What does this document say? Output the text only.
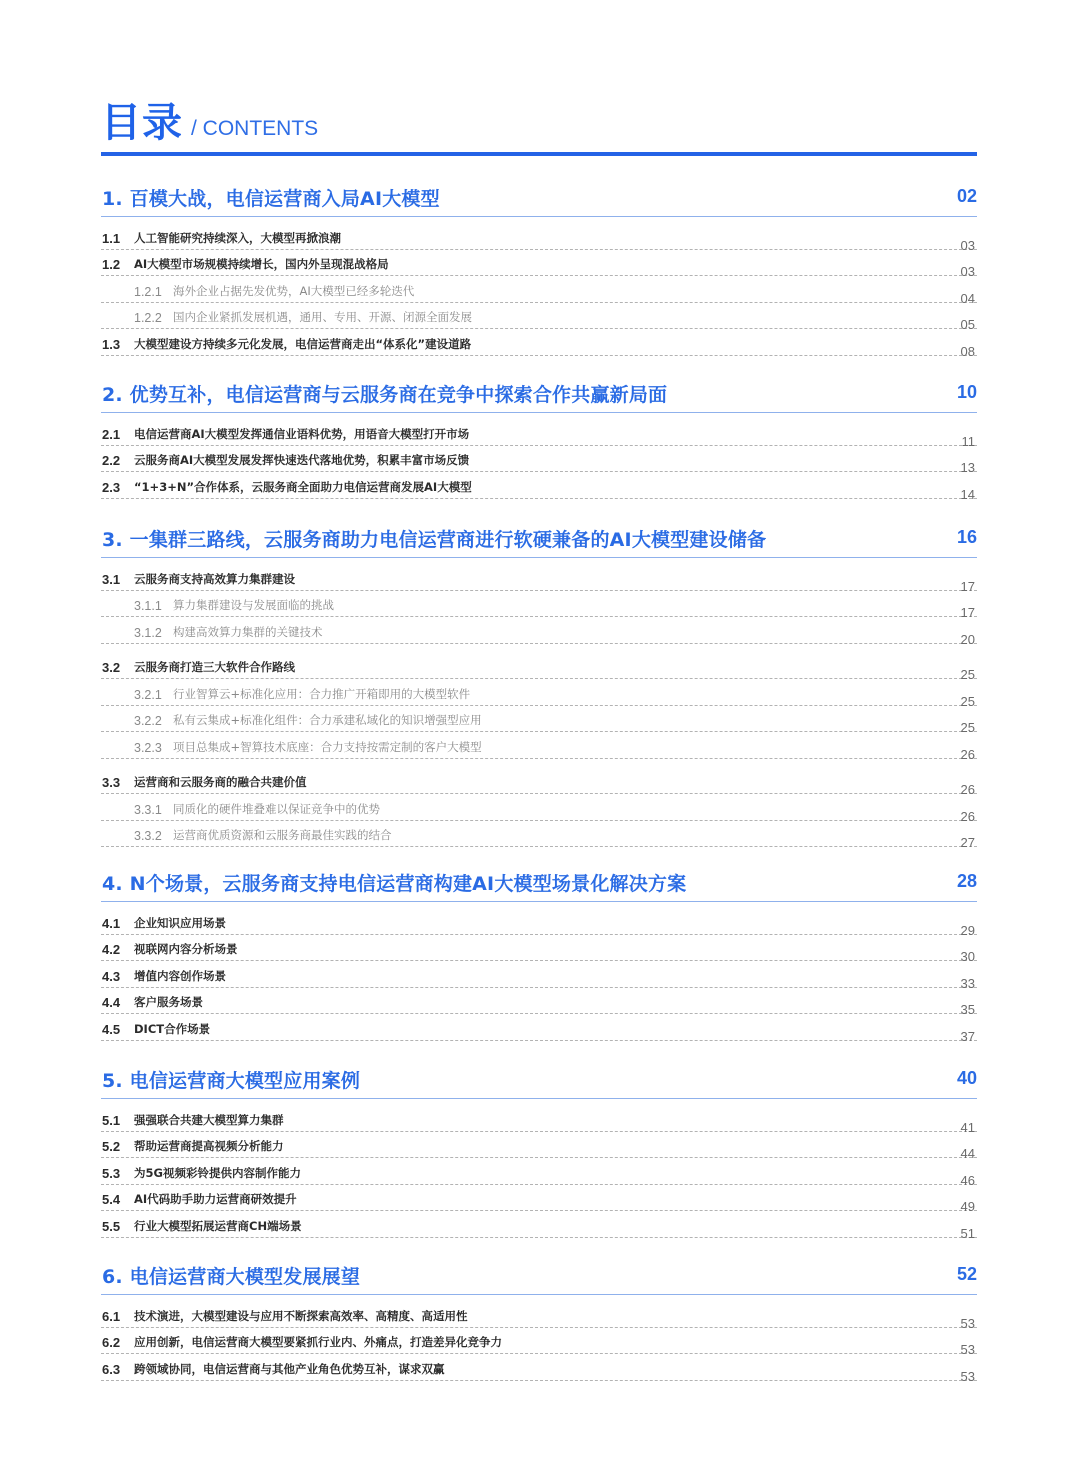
目录 / CONTENTS
1. 百模大战，电信运营商入局AI大模型	02
1.1 人工智能研究持续深入，大模型再掀浪潮	03
1.2 AI大模型市场规模持续增长，国内外呈现混战格局	03
1.2.1 海外企业占据先发优势，AI大模型已经多轮迭代	04
1.2.2 国内企业紧抓发展机遇，通用、专用、开源、闭源全面发展	05
1.3 大模型建设方持续多元化发展，电信运营商走出“体系化”建设道路	08
2. 优势互补，电信运营商与云服务商在竞争中探索合作共赢新局面	10
2.1 电信运营商AI大模型发挥通信业语料优势，用语音大模型打开市场	11
2.2 云服务商AI大模型发展发挥快速迭代落地优势，积累丰富市场反馈	13
2.3 “1+3+N”合作体系，云服务商全面助力电信运营商发展AI大模型	14
3. 一集群三路线，云服务商助力电信运营商进行软硬兼备的AI大模型建设储备	16
3.1 云服务商支持高效算力集群建设	17
3.1.1 算力集群建设与发展面临的挑战	17
3.1.2 构建高效算力集群的关键技术	20
3.2 云服务商打造三大软件合作路线	25
3.2.1 行业智算云+标准化应用：合力推广开箱即用的大模型软件	25
3.2.2 私有云集成+标准化组件：合力承建私域化的知识增强型应用	25
3.2.3 项目总集成+智算技术底座：合力支持按需定制的客户大模型	26
3.3 运营商和云服务商的融合共建价值	26
3.3.1 同质化的硬件堆叠难以保证竞争中的优势	26
3.3.2 运营商优质资源和云服务商最佳实践的结合	27
4. N个场景，云服务商支持电信运营商构建AI大模型场景化解决方案	28
4.1 企业知识应用场景	29
4.2 视联网内容分析场景	30
4.3 增值内容创作场景	33
4.4 客户服务场景	35
4.5 DICT合作场景	37
5. 电信运营商大模型应用案例	40
5.1 强强联合共建大模型算力集群	41
5.2 帮助运营商提高视频分析能力	44
5.3 为5G视频彩铃提供内容制作能力	46
5.4 AI代码助手助力运营商研效提升	49
5.5 行业大模型拓展运营商CH端场景	51
6. 电信运营商大模型发展展望	52
6.1 技术演进，大模型建设与应用不断探索高效率、高精度、高适用性	53
6.2 应用创新，电信运营商大模型要紧抓行业内、外痛点，打造差异化竞争力	53
6.3 跨领域协同，电信运营商与其他产业角色优势互补，谋求双赢	53
